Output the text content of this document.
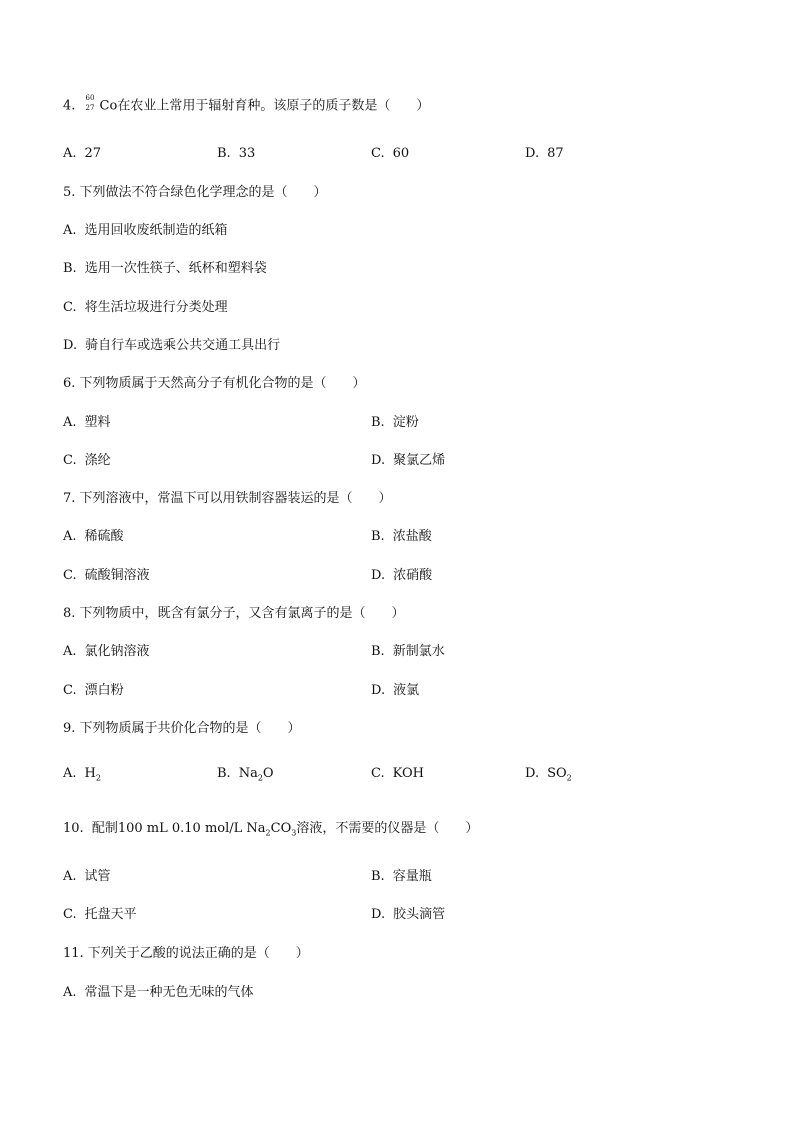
4.
60
27 Co在农业上常用于辐射育种。该原子的质子数是（　　）
A. 27	B. 33	C. 60	D. 87
5. 下列做法不符合绿色化学理念的是（　　）
A. 选用回收废纸制造的纸箱
B. 选用一次性筷子、纸杯和塑料袋
C. 将生活垃圾进行分类处理
D. 骑自行车或选乘公共交通工具出行
6. 下列物质属于天然高分子有机化合物的是（　　）
A. 塑料	B. 淀粉
C. 涤纶	D. 聚氯乙烯
7. 下列溶液中，常温下可以用铁制容器装运的是（　　）
A. 稀硫酸	B. 浓盐酸
C. 硫酸铜溶液	D. 浓硝酸
8. 下列物质中，既含有氯分子，又含有氯离子的是（　　）
A. 氯化钠溶液	B. 新制氯水
C. 漂白粉	D. 液氯
9. 下列物质属于共价化合物的是（　　）
A. $H_2$	B. $Na_2O$	C. KOH	D. $SO_2$
10. 配制100 mL 0.10 mol/L $Na_2CO_3$溶液，不需要的仪器是（　　）
A. 试管	B. 容量瓶
C. 托盘天平	D. 胶头滴管
11. 下列关于乙酸的说法正确的是（　　）
A. 常温下是一种无色无味的气体
